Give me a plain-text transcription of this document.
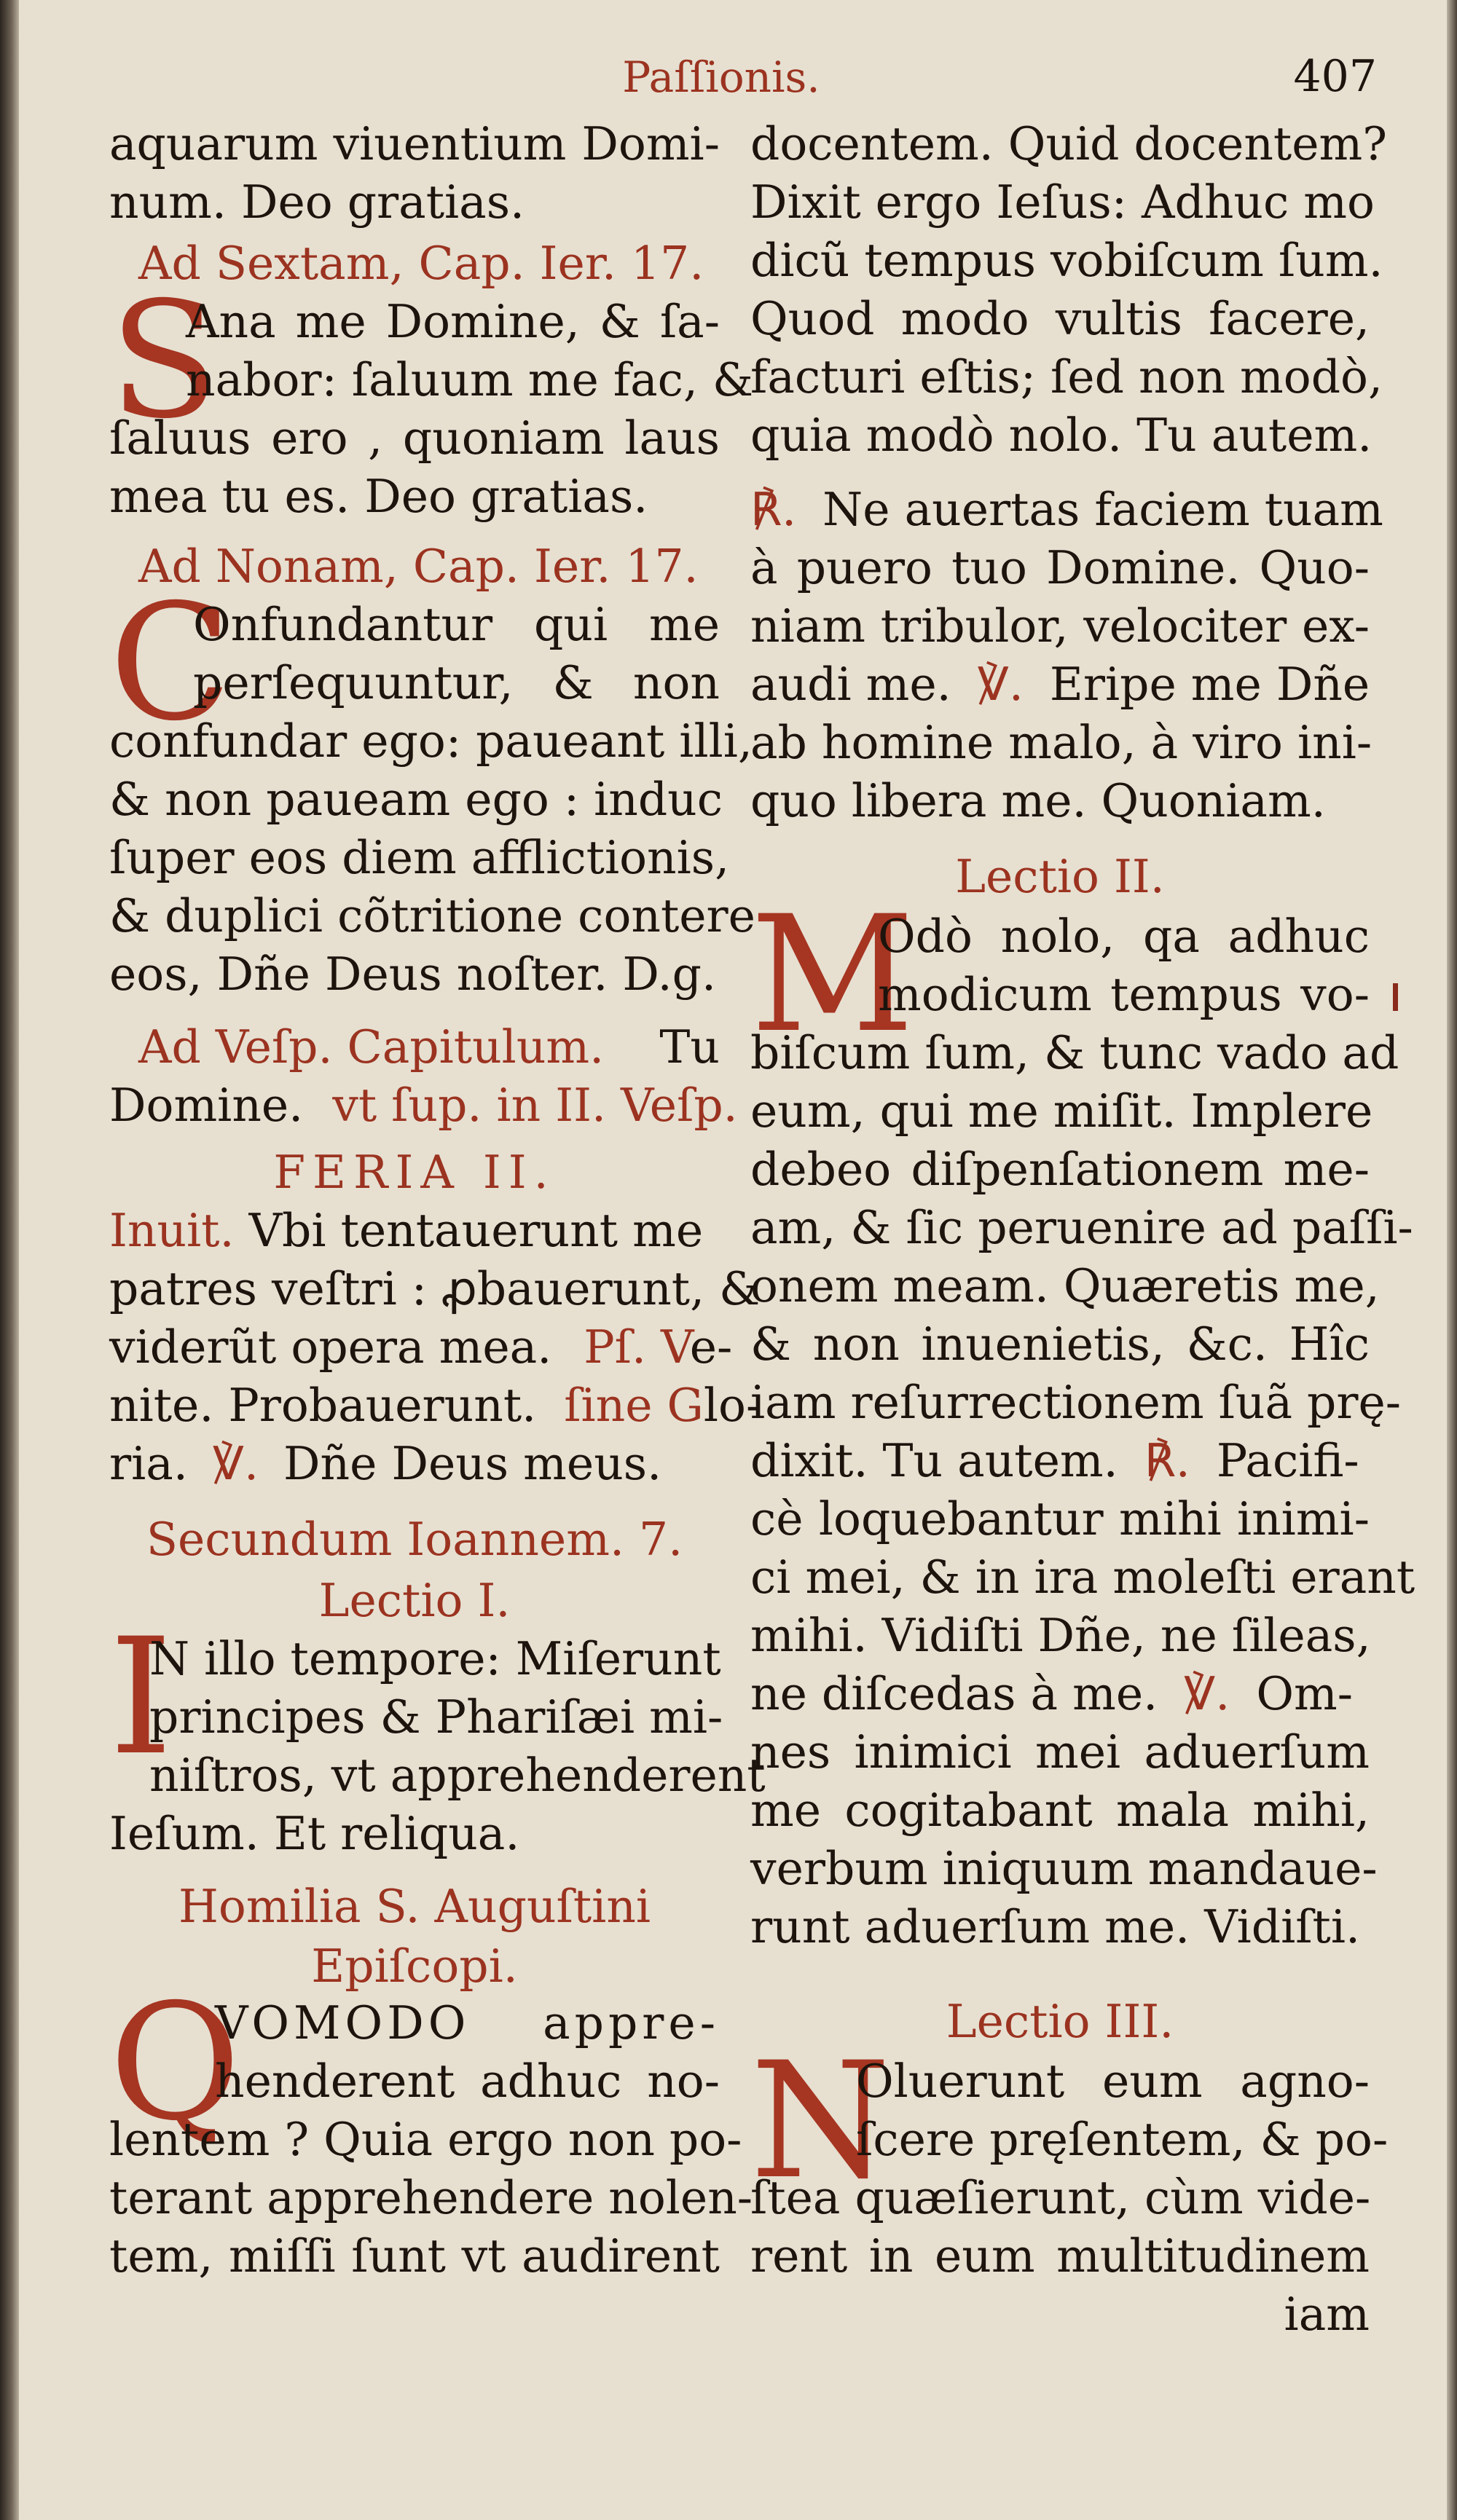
Paſſionis.	407
aquarum viuentium Domi-
num. Deo gratias.
Ad Sextam, Cap. Ier. 17.
S
Ana me Domine, & ſa-
nabor: ſaluum me fac, &
ſaluus ero , quoniam laus
mea tu es. Deo gratias.
Ad Nonam, Cap. Ier. 17.
C
Onfundantur qui me
perſequuntur, & non
confundar ego: paueant illi,
& non paueam ego : induc
ſuper eos diem afflictionis,
& duplici cõtritione contere
eos, Dñe Deus noſter. D.g.
Ad Veſp. Capitulum. Tu
Domine. vt ſup. in II. Veſp.
FERIA II.
Inuit. Vbi tentauerunt me
patres veſtri : ꝓbauerunt, &
viderũt opera mea. Pſ. Ve-
nite. Probauerunt. ſine Glo-
ria. ℣. Dñe Deus meus.
Secundum Ioannem. 7.
Lectio I.
I
N illo tempore: Miſerunt
principes & Phariſæi mi-
niſtros, vt apprehenderent
Ieſum. Et reliqua.
Homilia S. Auguſtini
Epiſcopi.
Q
VOMODO appre-
henderent adhuc no-
lentem ? Quia ergo non po-
terant apprehendere nolen-
tem, miſſi ſunt vt audirent
docentem. Quid docentem?
Dixit ergo Ieſus: Adhuc mo
dicũ tempus vobiſcum ſum.
Quod modo vultis facere,
facturi eſtis; ſed non modò,
quia modò nolo. Tu autem.
℟. Ne auertas faciem tuam
à puero tuo Domine. Quo-
niam tribulor, velociter ex-
audi me. ℣. Eripe me Dñe
ab homine malo, à viro ini-
quo libera me. Quoniam.
Lectio II.
M
Odò nolo, qa adhuc
modicum tempus vo-
biſcum ſum, & tunc vado ad
eum, qui me miſit. Implere
debeo diſpenſationem me-
am, & ſic peruenire ad paſſi-
onem meam. Quæretis me,
& non inuenietis, &c. Hîc
iam reſurrectionem ſuã prę-
dixit. Tu autem. ℟. Pacifi-
cè loquebantur mihi inimi-
ci mei, & in ira moleſti erant
mihi. Vidiſti Dñe, ne ſileas,
ne diſcedas à me. ℣. Om-
nes inimici mei aduerſum
me cogitabant mala mihi,
verbum iniquum mandaue-
runt aduerſum me. Vidiſti.
Lectio III.
N
Oluerunt eum agno-
ſcere pręſentem, & po-
ſtea quæſierunt, cùm vide-
rent in eum multitudinem
iam
